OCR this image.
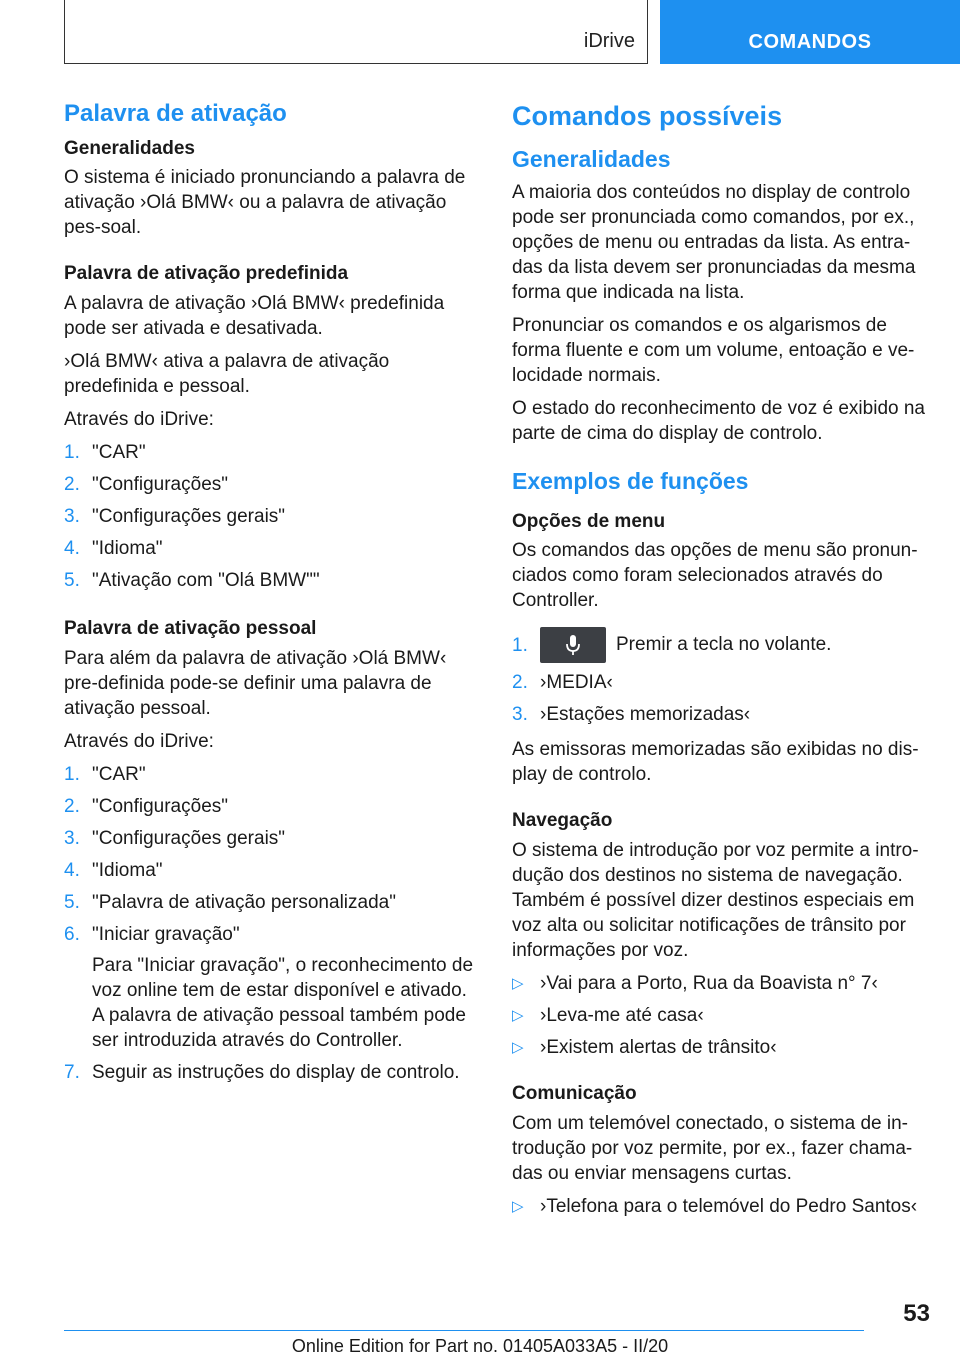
iDrive	COMANDOS
Palavra de ativação
Generalidades

O sistema é iniciado pronunciando a palavra de ativação ›Olá BMW‹ ou a palavra de ativação pes-soal.

Palavra de ativação predefinida

A palavra de ativação ›Olá BMW‹ predefinida pode ser ativada e desativada.

›Olá BMW‹ ativa a palavra de ativação predefinida e pessoal.

Através do iDrive:

1. "CAR"
2. "Configurações"
3. "Configurações gerais"
4. "Idioma"
5. "Ativação com "Olá BMW""
Palavra de ativação pessoal

Para além da palavra de ativação ›Olá BMW‹ pre-definida pode-se definir uma palavra de ativação pessoal.

Através do iDrive:

1. "CAR"
2. "Configurações"
3. "Configurações gerais"
4. "Idioma"
5. "Palavra de ativação personalizada"
6. "Iniciar gravação"
Para "Iniciar gravação", o reconhecimento de voz online tem de estar disponível e ativado. A palavra de ativação pessoal também pode ser introduzida através do Controller.
7. Seguir as instruções do display de controlo.
Comandos possíveis
Generalidades

A maioria dos conteúdos no display de controlo pode ser pronunciada como comandos, por ex., opções de menu ou entradas da lista. As entra-das da lista devem ser pronunciadas da mesma forma que indicada na lista.

Pronunciar os comandos e os algarismos de forma fluente e com um volume, entoação e ve-locidade normais.

O estado do reconhecimento de voz é exibido na parte de cima do display de controlo.

Exemplos de funções
Opções de menu

Os comandos das opções de menu são pronun-ciados como foram selecionados através do Controller.

1.	Premir a tecla no volante.
2. ›MEDIA‹
3. ›Estações memorizadas‹

As emissoras memorizadas são exibidas no dis-play de controlo.

Navegação

O sistema de introdução por voz permite a intro-dução dos destinos no sistema de navegação. Também é possível dizer destinos especiais em voz alta ou solicitar notificações de trânsito por informações por voz.

▷ ›Vai para a Porto, Rua da Boavista n° 7‹
▷ ›Leva-me até casa‹
▷ ›Existem alertas de trânsito‹
Comunicação

Com um telemóvel conectado, o sistema de in-trodução por voz permite, por ex., fazer chama-das ou enviar mensagens curtas.

▷ ›Telefona para o telemóvel do Pedro Santos‹
53
Online Edition for Part no. 01405A033A5 - II/20
